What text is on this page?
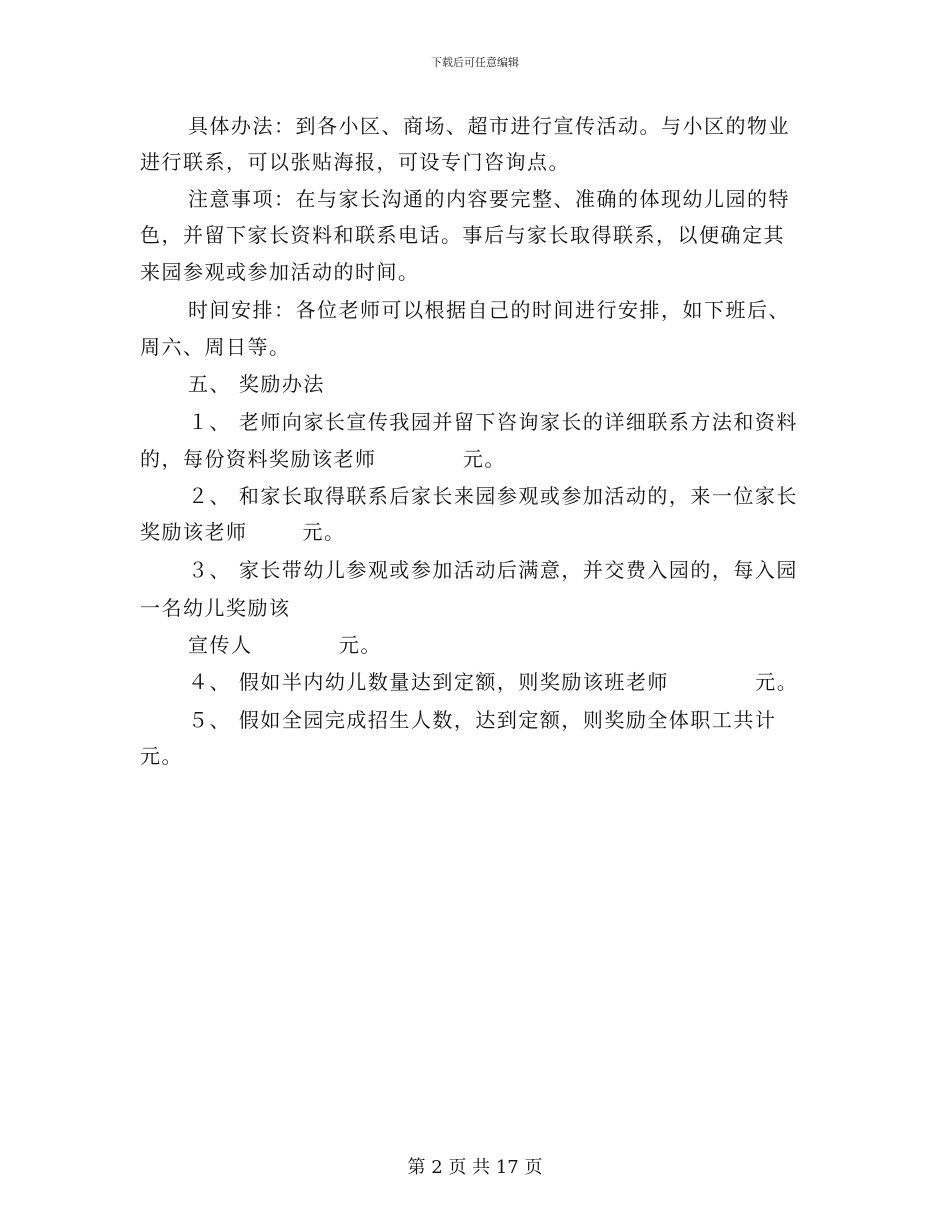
下载后可任意编辑
具体办法：到各小区、商场、超市进行宣传活动。与小区的物业
进行联系，可以张贴海报，可设专门咨询点。
注意事项：在与家长沟通的内容要完整、准确的体现幼儿园的特
色，并留下家长资料和联系电话。事后与家长取得联系，以便确定其
来园参观或参加活动的时间。
时间安排：各位老师可以根据自己的时间进行安排，如下班后、
周六、周日等。
五、 奖励办法
１、 老师向家长宣传我园并留下咨询家长的详细联系方法和资料
的，每份资料奖励该老师           元。
２、 和家长取得联系后家长来园参观或参加活动的，来一位家长
奖励该老师       元。
３、 家长带幼儿参观或参加活动后满意，并交费入园的，每入园
一名幼儿奖励该
宣传人           元。
４、 假如半内幼儿数量达到定额，则奖励该班老师           元。
５、 假如全园完成招生人数，达到定额，则奖励全体职工共计
元。
第 2 页 共 17 页
